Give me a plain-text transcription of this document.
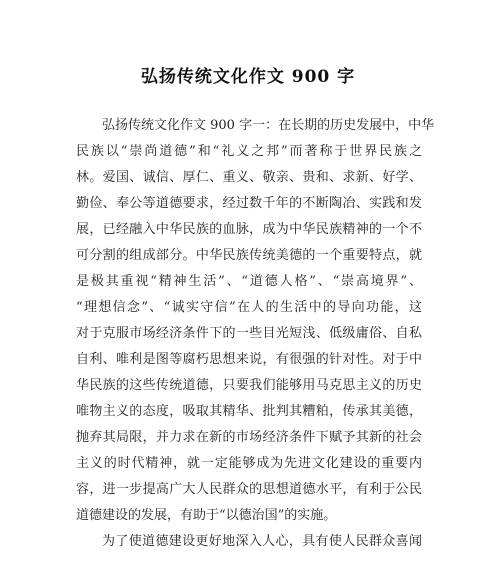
弘扬传统文化作文 900 字
弘扬传统文化作文 900 字一：在长期的历史发展中，中华
民族以“崇尚道德”和“礼义之邦”而著称于世界民族之
林。爱国、诚信、厚仁、重义、敬亲、贵和、求新、好学、
勤俭、奉公等道德要求，经过数千年的不断陶冶、实践和发
展，已经融入中华民族的血脉，成为中华民族精神的一个不
可分割的组成部分。中华民族传统美德的一个重要特点，就
是极其重视“精神生活”、“道德人格”、“崇高境界”、
“理想信念”、“诚实守信”在人的生活中的导向功能，这
对于克服市场经济条件下的一些目光短浅、低级庸俗、自私
自利、唯利是图等腐朽思想来说，有很强的针对性。对于中
华民族的这些传统道德，只要我们能够用马克思主义的历史
唯物主义的态度，吸取其精华、批判其糟粕，传承其美德，
抛弃其局限，并力求在新的市场经济条件下赋予其新的社会
主义的时代精神，就一定能够成为先进文化建设的重要内
容，进一步提高广大人民群众的思想道德水平，有利于公民
道德建设的发展，有助于“以德治国”的实施。
为了使道德建设更好地深入人心，具有使人民群众喜闻
